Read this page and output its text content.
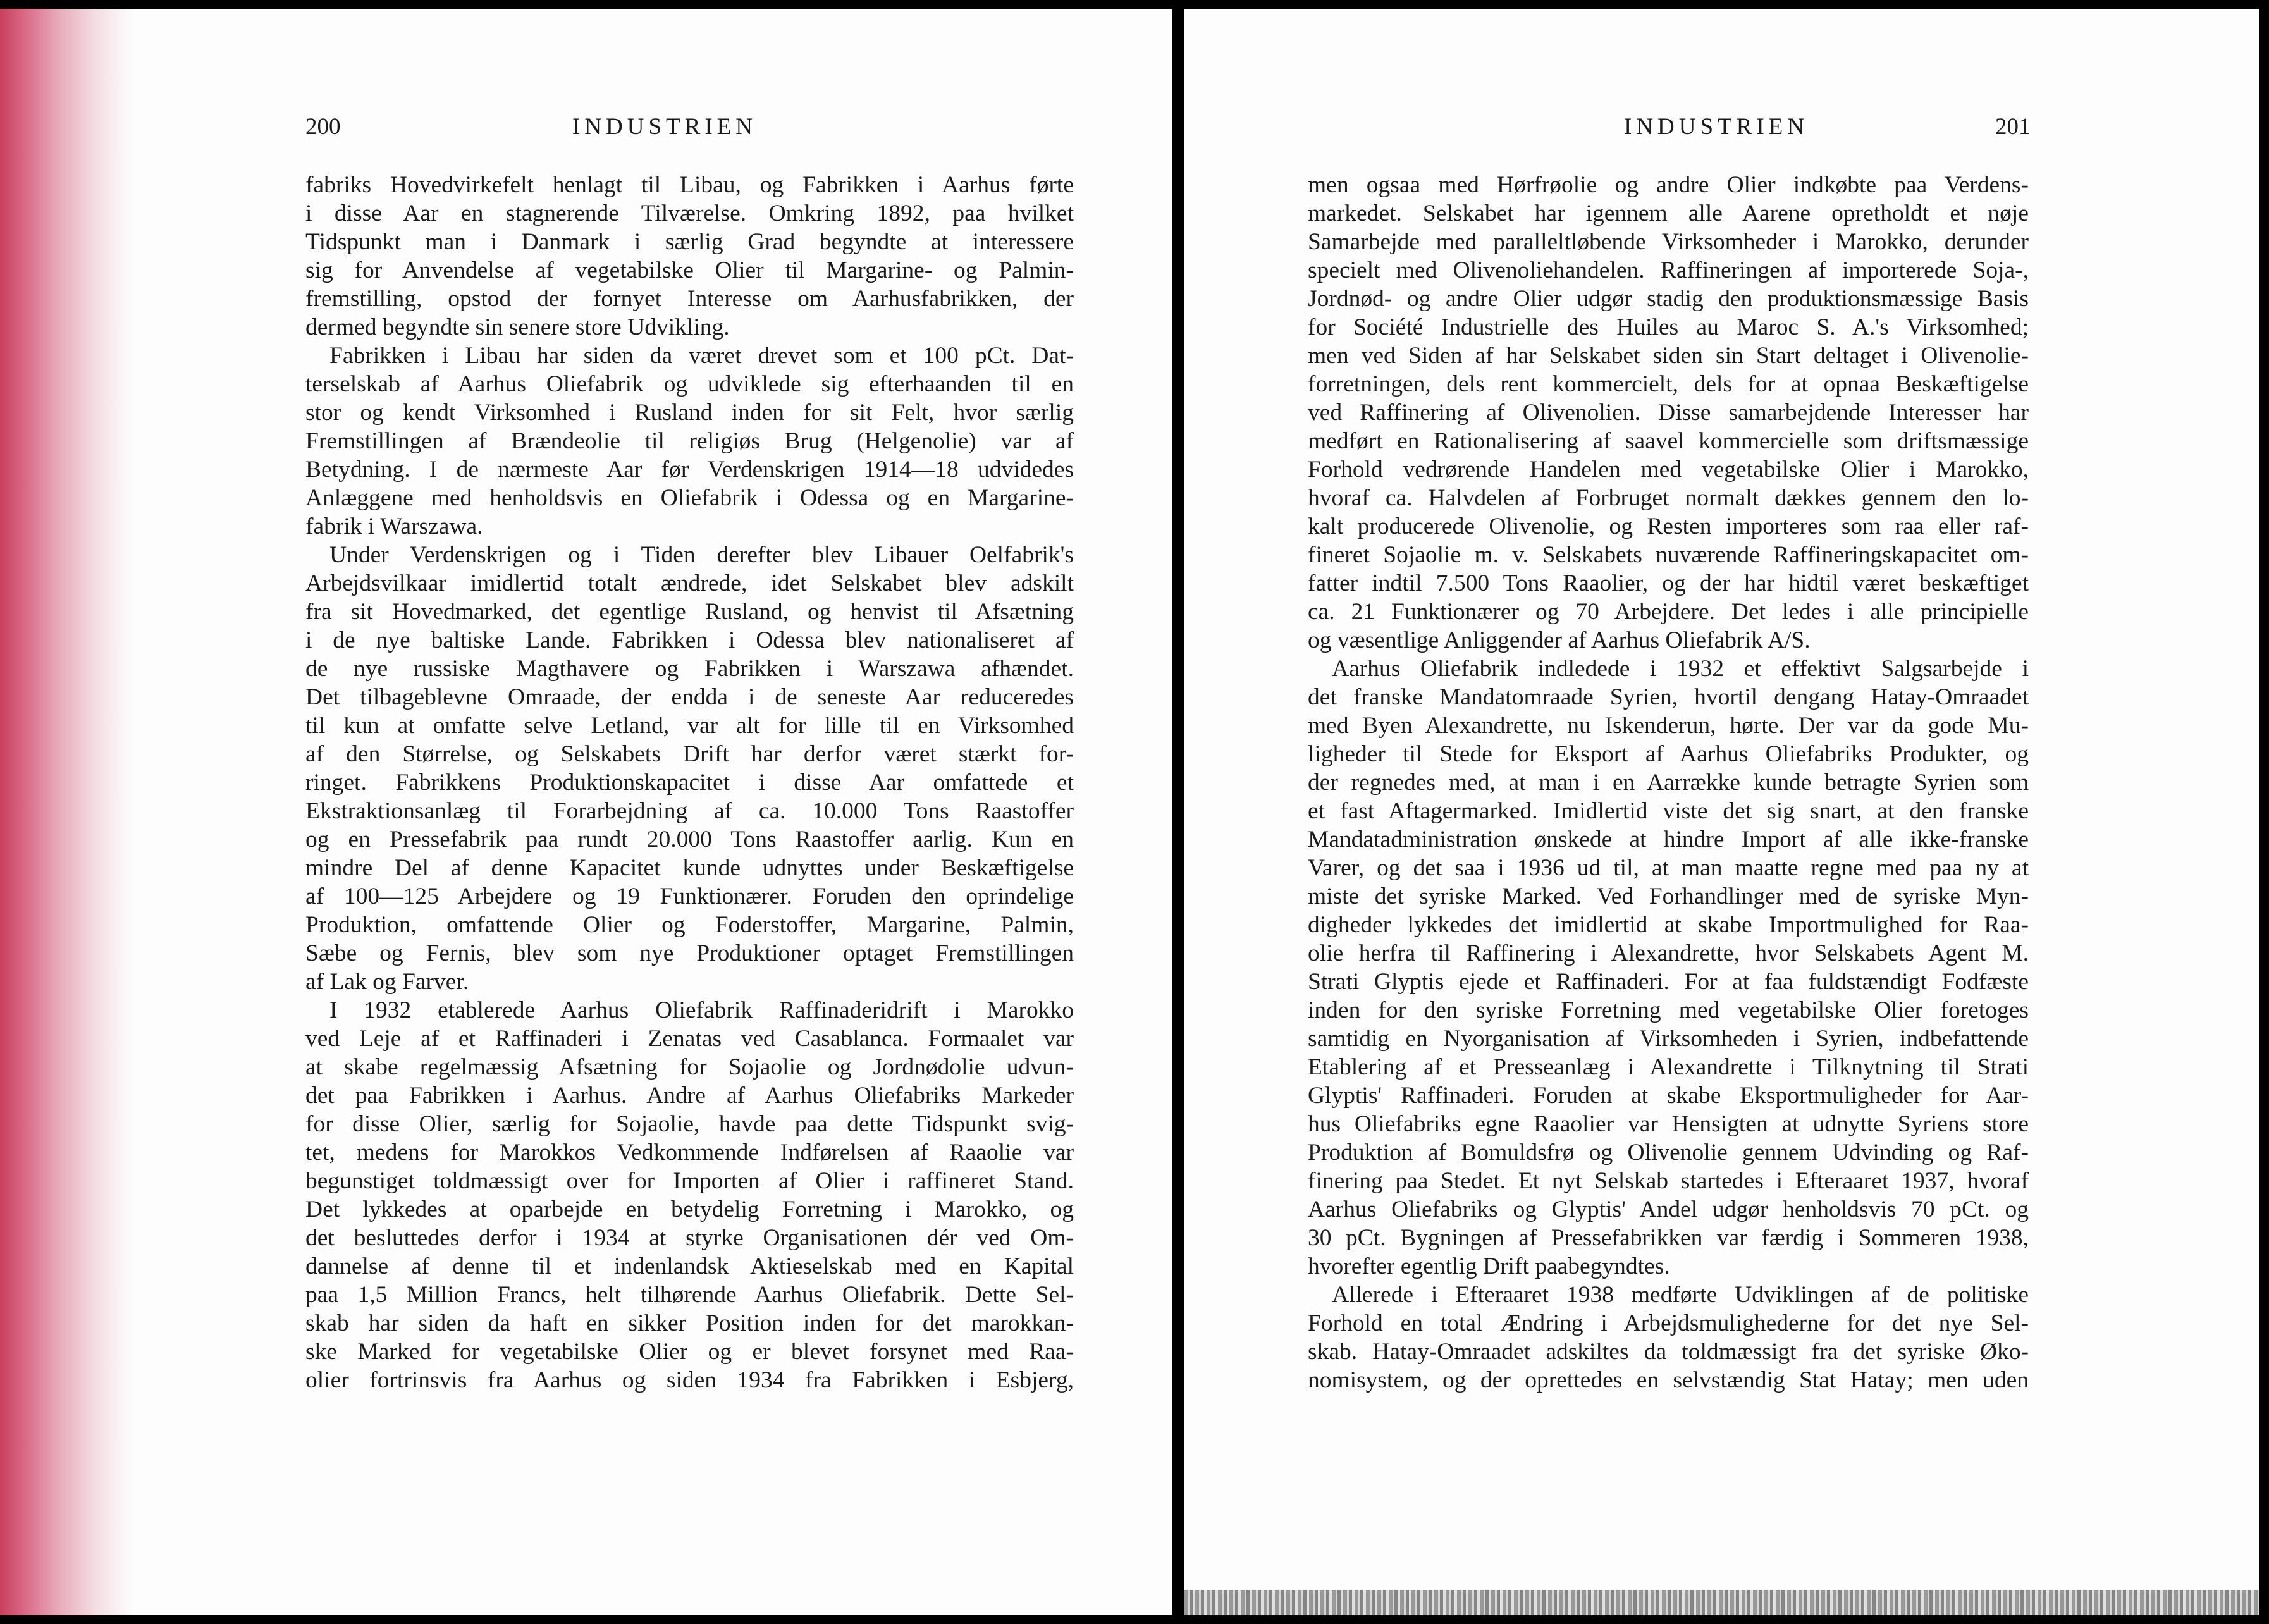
200	INDUSTRIEN
fabriks Hovedvirkefelt henlagt til Libau, og Fabrikken i Aarhus førte
i disse Aar en stagnerende Tilværelse. Omkring 1892, paa hvilket
Tidspunkt man i Danmark i særlig Grad begyndte at interessere
sig for Anvendelse af vegetabilske Olier til Margarine- og Palmin-
fremstilling, opstod der fornyet Interesse om Aarhusfabrikken, der
dermed begyndte sin senere store Udvikling.
Fabrikken i Libau har siden da været drevet som et 100 pCt. Dat-
terselskab af Aarhus Oliefabrik og udviklede sig efterhaanden til en
stor og kendt Virksomhed i Rusland inden for sit Felt, hvor særlig
Fremstillingen af Brændeolie til religiøs Brug (Helgenolie) var af
Betydning. I de nærmeste Aar før Verdenskrigen 1914—18 udvidedes
Anlæggene med henholdsvis en Oliefabrik i Odessa og en Margarine-
fabrik i Warszawa.
Under Verdenskrigen og i Tiden derefter blev Libauer Oelfabrik's
Arbejdsvilkaar imidlertid totalt ændrede, idet Selskabet blev adskilt
fra sit Hovedmarked, det egentlige Rusland, og henvist til Afsætning
i de nye baltiske Lande. Fabrikken i Odessa blev nationaliseret af
de nye russiske Magthavere og Fabrikken i Warszawa afhændet.
Det tilbageblevne Omraade, der endda i de seneste Aar reduceredes
til kun at omfatte selve Letland, var alt for lille til en Virksomhed
af den Størrelse, og Selskabets Drift har derfor været stærkt for-
ringet. Fabrikkens Produktionskapacitet i disse Aar omfattede et
Ekstraktionsanlæg til Forarbejdning af ca. 10.000 Tons Raastoffer
og en Pressefabrik paa rundt 20.000 Tons Raastoffer aarlig. Kun en
mindre Del af denne Kapacitet kunde udnyttes under Beskæftigelse
af 100—125 Arbejdere og 19 Funktionærer. Foruden den oprindelige
Produktion, omfattende Olier og Foderstoffer, Margarine, Palmin,
Sæbe og Fernis, blev som nye Produktioner optaget Fremstillingen
af Lak og Farver.
I 1932 etablerede Aarhus Oliefabrik Raffinaderidrift i Marokko
ved Leje af et Raffinaderi i Zenatas ved Casablanca. Formaalet var
at skabe regelmæssig Afsætning for Sojaolie og Jordnødolie udvun-
det paa Fabrikken i Aarhus. Andre af Aarhus Oliefabriks Markeder
for disse Olier, særlig for Sojaolie, havde paa dette Tidspunkt svig-
tet, medens for Marokkos Vedkommende Indførelsen af Raaolie var
begunstiget toldmæssigt over for Importen af Olier i raffineret Stand.
Det lykkedes at oparbejde en betydelig Forretning i Marokko, og
det besluttedes derfor i 1934 at styrke Organisationen dér ved Om-
dannelse af denne til et indenlandsk Aktieselskab med en Kapital
paa 1,5 Million Francs, helt tilhørende Aarhus Oliefabrik. Dette Sel-
skab har siden da haft en sikker Position inden for det marokkan-
ske Marked for vegetabilske Olier og er blevet forsynet med Raa-
olier fortrinsvis fra Aarhus og siden 1934 fra Fabrikken i Esbjerg,
INDUSTRIEN	201
men ogsaa med Hørfrøolie og andre Olier indkøbte paa Verdens-
markedet. Selskabet har igennem alle Aarene opretholdt et nøje
Samarbejde med paralleltløbende Virksomheder i Marokko, derunder
specielt med Olivenoliehandelen. Raffineringen af importerede Soja-,
Jordnød- og andre Olier udgør stadig den produktionsmæssige Basis
for Société Industrielle des Huiles au Maroc S. A.'s Virksomhed;
men ved Siden af har Selskabet siden sin Start deltaget i Olivenolie-
forretningen, dels rent kommercielt, dels for at opnaa Beskæftigelse
ved Raffinering af Olivenolien. Disse samarbejdende Interesser har
medført en Rationalisering af saavel kommercielle som driftsmæssige
Forhold vedrørende Handelen med vegetabilske Olier i Marokko,
hvoraf ca. Halvdelen af Forbruget normalt dækkes gennem den lo-
kalt producerede Olivenolie, og Resten importeres som raa eller raf-
fineret Sojaolie m. v. Selskabets nuværende Raffineringskapacitet om-
fatter indtil 7.500 Tons Raaolier, og der har hidtil været beskæftiget
ca. 21 Funktionærer og 70 Arbejdere. Det ledes i alle principielle
og væsentlige Anliggender af Aarhus Oliefabrik A/S.
Aarhus Oliefabrik indledede i 1932 et effektivt Salgsarbejde i
det franske Mandatomraade Syrien, hvortil dengang Hatay-Omraadet
med Byen Alexandrette, nu Iskenderun, hørte. Der var da gode Mu-
ligheder til Stede for Eksport af Aarhus Oliefabriks Produkter, og
der regnedes med, at man i en Aarrække kunde betragte Syrien som
et fast Aftagermarked. Imidlertid viste det sig snart, at den franske
Mandatadministration ønskede at hindre Import af alle ikke-franske
Varer, og det saa i 1936 ud til, at man maatte regne med paa ny at
miste det syriske Marked. Ved Forhandlinger med de syriske Myn-
digheder lykkedes det imidlertid at skabe Importmulighed for Raa-
olie herfra til Raffinering i Alexandrette, hvor Selskabets Agent M.
Strati Glyptis ejede et Raffinaderi. For at faa fuldstændigt Fodfæste
inden for den syriske Forretning med vegetabilske Olier foretoges
samtidig en Nyorganisation af Virksomheden i Syrien, indbefattende
Etablering af et Presseanlæg i Alexandrette i Tilknytning til Strati
Glyptis' Raffinaderi. Foruden at skabe Eksportmuligheder for Aar-
hus Oliefabriks egne Raaolier var Hensigten at udnytte Syriens store
Produktion af Bomuldsfrø og Olivenolie gennem Udvinding og Raf-
finering paa Stedet. Et nyt Selskab startedes i Efteraaret 1937, hvoraf
Aarhus Oliefabriks og Glyptis' Andel udgør henholdsvis 70 pCt. og
30 pCt. Bygningen af Pressefabrikken var færdig i Sommeren 1938,
hvorefter egentlig Drift paabegyndtes.
Allerede i Efteraaret 1938 medførte Udviklingen af de politiske
Forhold en total Ændring i Arbejdsmulighederne for det nye Sel-
skab. Hatay-Omraadet adskiltes da toldmæssigt fra det syriske Øko-
nomisystem, og der oprettedes en selvstændig Stat Hatay; men uden
